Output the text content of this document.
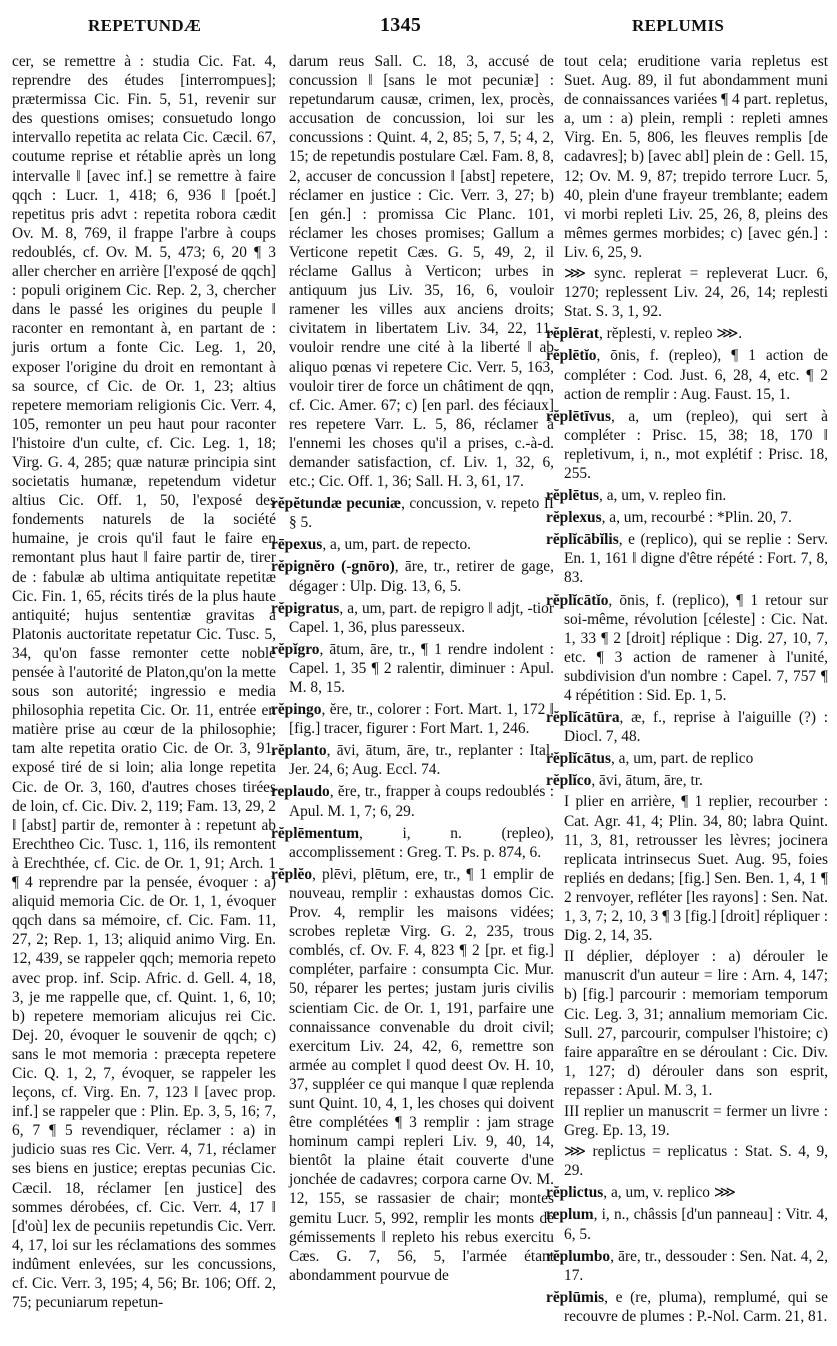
REPETUNDÆ	1345	REPLUMIS

cer, se remettre à : studia Cic. Fat. 4, reprendre des études [interrompues]; prætermissa Cic. Fin. 5, 51, revenir sur des questions omises; consuetudo longo intervallo repetita ac relata Cic. Cæcil. 67, coutume reprise et rétablie après un long intervalle ‖ [avec inf.] se remettre à faire qqch : Lucr. 1, 418; 6, 936 ‖ [poét.] repetitus pris advt : repetita robora cædit Ov. M. 8, 769, il frappe l'arbre à coups redoublés, cf. Ov. M. 5, 473; 6, 20 ¶ 3 aller chercher en arrière [l'exposé de qqch] : populi originem Cic. Rep. 2, 3, chercher dans le passé les origines du peuple ‖ raconter en remontant à, en partant de : juris ortum a fonte Cic. Leg. 1, 20, exposer l'origine du droit en remontant à sa source, cf Cic. de Or. 1, 23; altius repetere memoriam religionis Cic. Verr. 4, 105, remonter un peu haut pour raconter l'histoire d'un culte, cf. Cic. Leg. 1, 18; Virg. G. 4, 285; quæ naturæ principia sint societatis humanæ, repetendum videtur altius Cic. Off. 1, 50, l'exposé des fondements naturels de la société humaine, je crois qu'il faut le faire en remontant plus haut ‖ faire partir de, tirer de : fabulæ ab ultima antiquitate repetitæ Cic. Fin. 1, 65, récits tirés de la plus haute antiquité; hujus sententiæ gravitas a Platonis auctoritate repetatur Cic. Tusc. 5, 34, qu'on fasse remonter cette noble pensée à l'autorité de Platon,qu'on la mette sous son autorité; ingressio e media philosophia repetita Cic. Or. 11, entrée en matière prise au cœur de la philosophie; tam alte repetita oratio Cic. de Or. 3, 91, exposé tiré de si loin; alia longe repetita Cic. de Or. 3, 160, d'autres choses tirées de loin, cf. Cic. Div. 2, 119; Fam. 13, 29, 2 ‖ [abst] partir de, remonter à : repetunt ab Erechtheo Cic. Tusc. 1, 116, ils remontent à Erechthée, cf. Cic. de Or. 1, 91; Arch. 1 ¶ 4 reprendre par la pensée, évoquer : a) aliquid memoria Cic. de Or. 1, 1, évoquer qqch dans sa mémoire, cf. Cic. Fam. 11, 27, 2; Rep. 1, 13; aliquid animo Virg. En. 12, 439, se rappeler qqch; memoria repeto avec prop. inf. Scip. Afric. d. Gell. 4, 18, 3, je me rappelle que, cf. Quint. 1, 6, 10; b) repetere memoriam alicujus rei Cic. Dej. 20, évoquer le souvenir de qqch; c) sans le mot memoria : præcepta repetere Cic. Q. 1, 2, 7, évoquer, se rappeler les leçons, cf. Virg. En. 7, 123 ‖ [avec prop. inf.] se rappeler que : Plin. Ep. 3, 5, 16; 7, 6, 7 ¶ 5 revendiquer, réclamer : a) in judicio suas res Cic. Verr. 4, 71, réclamer ses biens en justice; ereptas pecunias Cic. Cæcil. 18, réclamer [en justice] des sommes dérobées, cf. Cic. Verr. 4, 17 ‖ [d'où] lex de pecuniis repetundis Cic. Verr. 4, 17, loi sur les réclamations des sommes indûment enlevées, sur les concussions, cf. Cic. Verr. 3, 195; 4, 56; Br. 106; Off. 2, 75; pecuniarum repetun-

darum reus Sall. C. 18, 3, accusé de concussion ‖ [sans le mot pecuniæ] : repetundarum causæ, crimen, lex, procès, accusation de concussion, loi sur les concussions : Quint. 4, 2, 85; 5, 7, 5; 4, 2, 15; de repetundis postulare Cæl. Fam. 8, 8, 2, accuser de concussion ‖ [abst] repetere, réclamer en justice : Cic. Verr. 3, 27; b) [en gén.] : promissa Cic Planc. 101, réclamer les choses promises; Gallum a Verticone repetit Cæs. G. 5, 49, 2, il réclame Gallus à Verticon; urbes in antiquum jus Liv. 35, 16, 6, vouloir ramener les villes aux anciens droits; civitatem in libertatem Liv. 34, 22, 11, vouloir rendre une cité à la liberté ‖ ab aliquo pœnas vi repetere Cic. Verr. 5, 163, vouloir tirer de force un châtiment de qqn, cf. Cic. Amer. 67; c) [en parl. des féciaux] res repetere Varr. L. 5, 86, réclamer à l'ennemi les choses qu'il a prises, c.-à-d. demander satisfaction, cf. Liv. 1, 32, 6, etc.; Cic. Off. 1, 36; Sall. H. 3, 61, 17.

rĕpĕtundæ pecuniæ, concussion, v. repeto II § 5.

rēpexus, a, um, part. de repecto.

rĕpignĕro (-gnōro), āre, tr., retirer de gage, dégager : Ulp. Dig. 13, 6, 5.

rĕpigratus, a, um, part. de repigro ‖ adjt, -tior Capel. 1, 36, plus paresseux.

rĕpĭgro, ātum, āre, tr., ¶ 1 rendre indolent : Capel. 1, 35 ¶ 2 ralentir, diminuer : Apul. M. 8, 15.

rĕpingo, ĕre, tr., colorer : Fort. Mart. 1, 172 ‖ [fig.] tracer, figurer : Fort Mart. 1, 246.

rĕplanto, āvi, ātum, āre, tr., replanter : Ital. Jer. 24, 6; Aug. Eccl. 74.

replaudo, ĕre, tr., frapper à coups redoublés : Apul. M. 1, 7; 6, 29.

rĕplēmentum, i, n. (repleo), accomplissement : Greg. T. Ps. p. 874, 6.

rĕplĕo, plēvi, plētum, ere, tr., ¶ 1 emplir de nouveau, remplir : exhaustas domos Cic. Prov. 4, remplir les maisons vidées; scrobes repletæ Virg. G. 2, 235, trous comblés, cf. Ov. F. 4, 823 ¶ 2 [pr. et fig.] compléter, parfaire : consumpta Cic. Mur. 50, réparer les pertes; justam juris civilis scientiam Cic. de Or. 1, 191, parfaire une connaissance convenable du droit civil; exercitum Liv. 24, 42, 6, remettre son armée au complet ‖ quod deest Ov. H. 10, 37, suppléer ce qui manque ‖ quæ replenda sunt Quint. 10, 4, 1, les choses qui doivent être complétées ¶ 3 remplir : jam strage hominum campi repleri Liv. 9, 40, 14, bientôt la plaine était couverte d'une jonchée de cadavres; corpora carne Ov. M. 12, 155, se rassasier de chair; montes gemitu Lucr. 5, 992, remplir les monts de gémissements ‖ repleto his rebus exercitu Cæs. G. 7, 56, 5, l'armée étant abondamment pourvue de

tout cela; eruditione varia repletus est Suet. Aug. 89, il fut abondamment muni de connaissances variées ¶ 4 part. repletus, a, um : a) plein, rempli : repleti amnes Virg. En. 5, 806, les fleuves remplis [de cadavres]; b) [avec abl] plein de : Gell. 15, 12; Ov. M. 9, 87; trepido terrore Lucr. 5, 40, plein d'une frayeur tremblante; eadem vi morbi repleti Liv. 25, 26, 8, pleins des mêmes germes morbides; c) [avec gén.] : Liv. 6, 25, 9.

⋙ sync. replerat = repleverat Lucr. 6, 1270; replessent Liv. 24, 26, 14; replesti Stat. S. 3, 1, 92.

rĕplērat, rĕplesti, v. repleo ⋙.

rĕplētĭo, ōnis, f. (repleo), ¶ 1 action de compléter : Cod. Just. 6, 28, 4, etc. ¶ 2 action de remplir : Aug. Faust. 15, 1.

rĕplētīvus, a, um (repleo), qui sert à compléter : Prisc. 15, 38; 18, 170 ‖ repletivum, i, n., mot explétif : Prisc. 18, 255.

rĕplētus, a, um, v. repleo fin.

rĕplexus, a, um, recourbé : *Plin. 20, 7.

rĕplĭcābĭlis, e (replico), qui se replie : Serv. En. 1, 161 ‖ digne d'être répété : Fort. 7, 8, 83.

rĕplĭcātĭo, ōnis, f. (replico), ¶ 1 retour sur soi-même, révolution [céleste] : Cic. Nat. 1, 33 ¶ 2 [droit] réplique : Dig. 27, 10, 7, etc. ¶ 3 action de ramener à l'unité, subdivision d'un nombre : Capel. 7, 757 ¶ 4 répétition : Sid. Ep. 1, 5.

rĕplĭcātūra, æ, f., reprise à l'aiguille (?) : Diocl. 7, 48.

rĕplĭcātus, a, um, part. de replico

rĕplĭco, āvi, ātum, āre, tr.

I plier en arrière, ¶ 1 replier, recourber : Cat. Agr. 41, 4; Plin. 34, 80; labra Quint. 11, 3, 81, retrousser les lèvres; jocinera replicata intrinsecus Suet. Aug. 95, foies repliés en dedans; [fig.] Sen. Ben. 1, 4, 1 ¶ 2 renvoyer, refléter [les rayons] : Sen. Nat. 1, 3, 7; 2, 10, 3 ¶ 3 [fig.] [droit] répliquer : Dig. 2, 14, 35.

II déplier, déployer : a) dérouler le manuscrit d'un auteur = lire : Arn. 4, 147; b) [fig.] parcourir : memoriam temporum Cic. Leg. 3, 31; annalium memoriam Cic. Sull. 27, parcourir, compulser l'histoire; c) faire apparaître en se déroulant : Cic. Div. 1, 127; d) dérouler dans son esprit, repasser : Apul. M. 3, 1.

III replier un manuscrit = fermer un livre : Greg. Ep. 13, 19.

⋙ replictus = replicatus : Stat. S. 4, 9, 29.

rĕplictus, a, um, v. replico ⋙

replum, i, n., châssis [d'un panneau] : Vitr. 4, 6, 5.

rĕplumbo, āre, tr., dessouder : Sen. Nat. 4, 2, 17.

rĕplūmis, e (re, pluma), remplumé, qui se recouvre de plumes : P.-Nol. Carm. 21, 81.
